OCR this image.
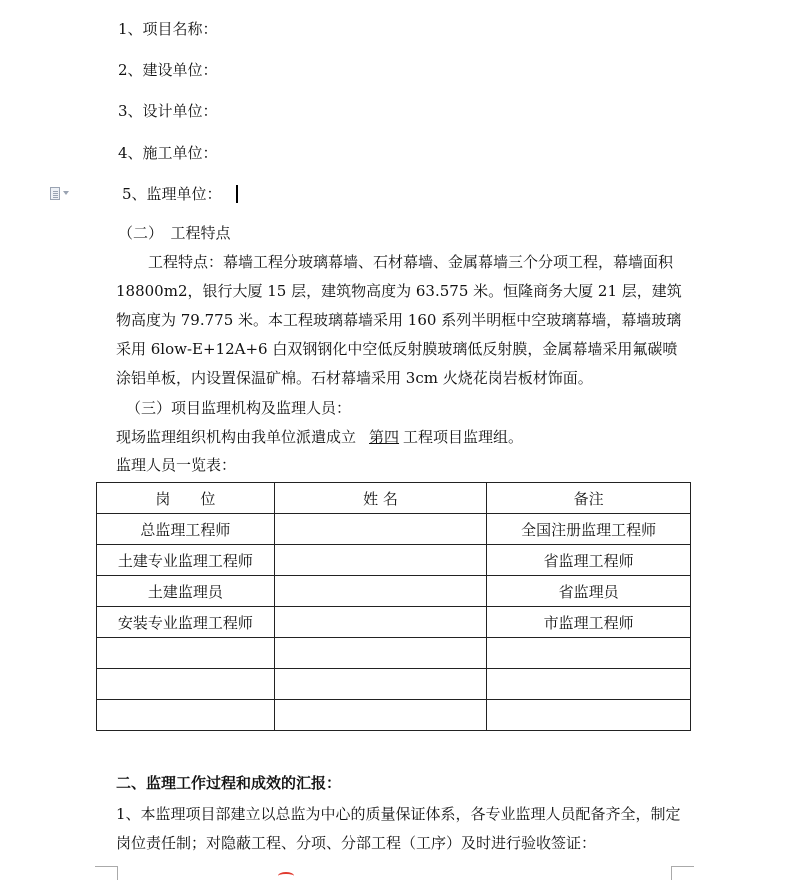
1、项目名称：
2、建设单位：
3、设计单位：
4、施工单位：
5、监理单位：
（二）　工程特点
工程特点：幕墙工程分玻璃幕墙、石材幕墙、金属幕墙三个分项工程，幕墙面积 18800m2，银行大厦 15 层，建筑物高度为 63.575 米。恒隆商务大厦 21 层，建筑物高度为 79.775 米。本工程玻璃幕墙采用 160 系列半明框中空玻璃幕墙，幕墙玻璃采用 6low-E+12A+6 白双钢钢化中空低反射膜玻璃低反射膜，金属幕墙采用氟碳喷涂铝单板，内设置保温矿棉。石材幕墙采用 3cm 火烧花岗岩板材饰面。
（三）项目监理机构及监理人员：
现场监理组织机构由我单位派遣成立 第四 工程项目监理组。
监理人员一览表：
岗　　位	姓 名	备注
总监理工程师		全国注册监理工程师
土建专业监理工程师		省监理工程师
土建监理员		省监理员
安装专业监理工程师		市监理工程师

二、监理工作过程和成效的汇报：
1、本监理项目部建立以总监为中心的质量保证体系，各专业监理人员配备齐全，制定岗位责任制；对隐蔽工程、分项、分部工程（工序）及时进行验收签证：
